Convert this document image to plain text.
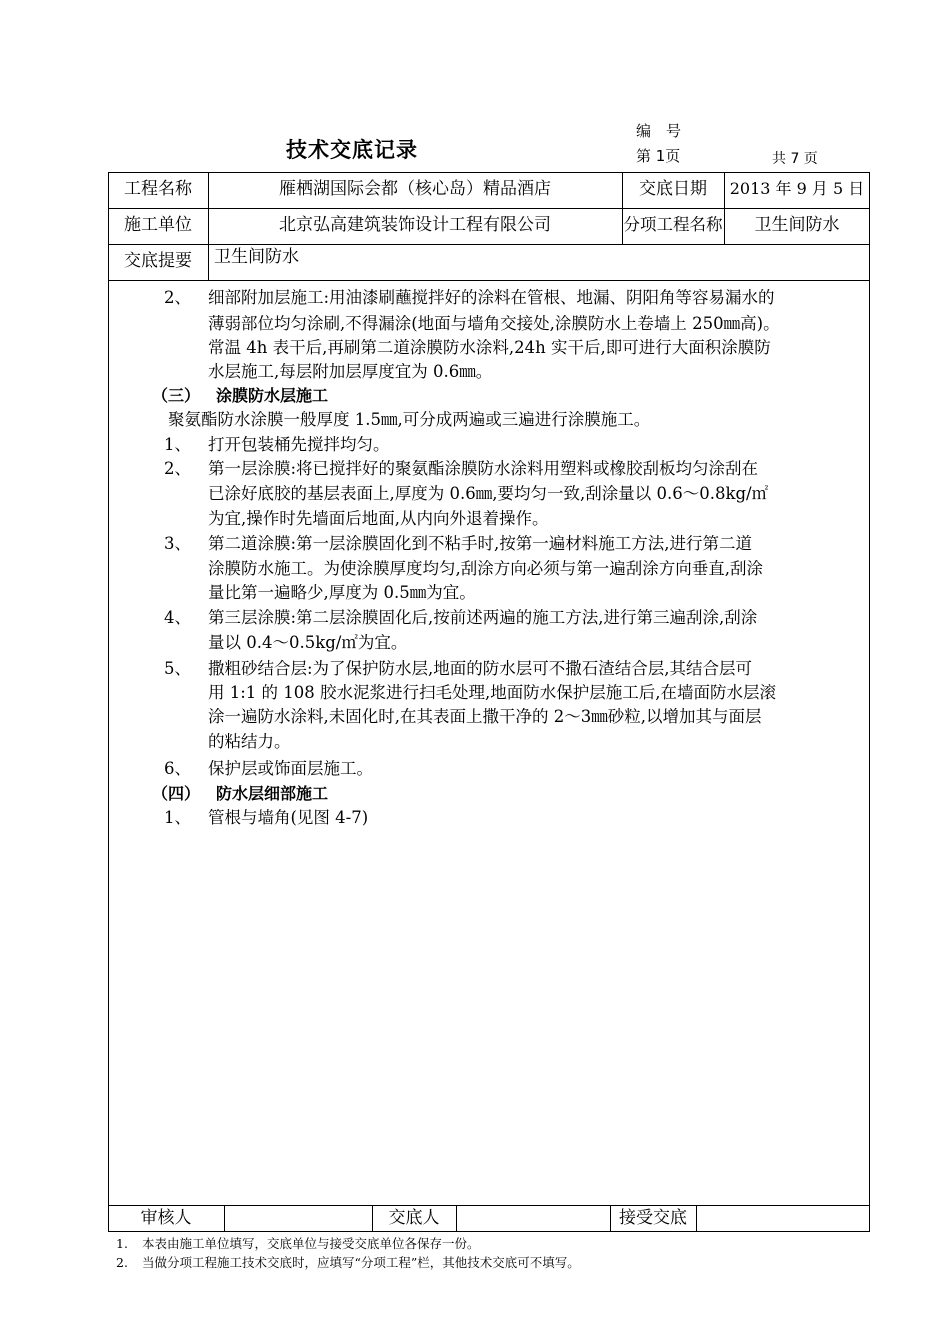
技术交底记录
编　号
第 1页	共 7 页
工程名称	雁栖湖国际会都（核心岛）精品酒店	交底日期	2013 年 9 月 5 日
施工单位	北京弘高建筑装饰设计工程有限公司	分项工程名称	卫生间防水
交底提要	卫生间防水
审核人	交底人	接受交底
2、 细部附加层施工:用油漆刷蘸搅拌好的涂料在管根、地漏、阴阳角等容易漏水的
薄弱部位均匀涂刷,不得漏涂(地面与墙角交接处,涂膜防水上卷墙上 250㎜高)。
常温 4h 表干后,再刷第二道涂膜防水涂料,24h 实干后,即可进行大面积涂膜防
水层施工,每层附加层厚度宜为 0.6㎜。
（三） 涂膜防水层施工
聚氨酯防水涂膜一般厚度 1.5㎜,可分成两遍或三遍进行涂膜施工。
1、 打开包装桶先搅拌均匀。
2、 第一层涂膜:将已搅拌好的聚氨酯涂膜防水涂料用塑料或橡胶刮板均匀涂刮在
已涂好底胶的基层表面上,厚度为 0.6㎜,要均匀一致,刮涂量以 0.6～0.8kg/㎡
为宜,操作时先墙面后地面,从内向外退着操作。
3、 第二道涂膜:第一层涂膜固化到不粘手时,按第一遍材料施工方法,进行第二道
涂膜防水施工。为使涂膜厚度均匀,刮涂方向必须与第一遍刮涂方向垂直,刮涂
量比第一遍略少,厚度为 0.5㎜为宜。
4、 第三层涂膜:第二层涂膜固化后,按前述两遍的施工方法,进行第三遍刮涂,刮涂
量以 0.4～0.5kg/㎡为宜。
5、 撒粗砂结合层:为了保护防水层,地面的防水层可不撒石渣结合层,其结合层可
用 1:1 的 108 胶水泥浆进行扫毛处理,地面防水保护层施工后,在墙面防水层滚
涂一遍防水涂料,未固化时,在其表面上撒干净的 2～3㎜砂粒,以增加其与面层
的粘结力。
6、 保护层或饰面层施工。
（四） 防水层细部施工
1、 管根与墙角(见图 4-7)
1. 本表由施工单位填写，交底单位与接受交底单位各保存一份。
2. 当做分项工程施工技术交底时，应填写“分项工程”栏，其他技术交底可不填写。
